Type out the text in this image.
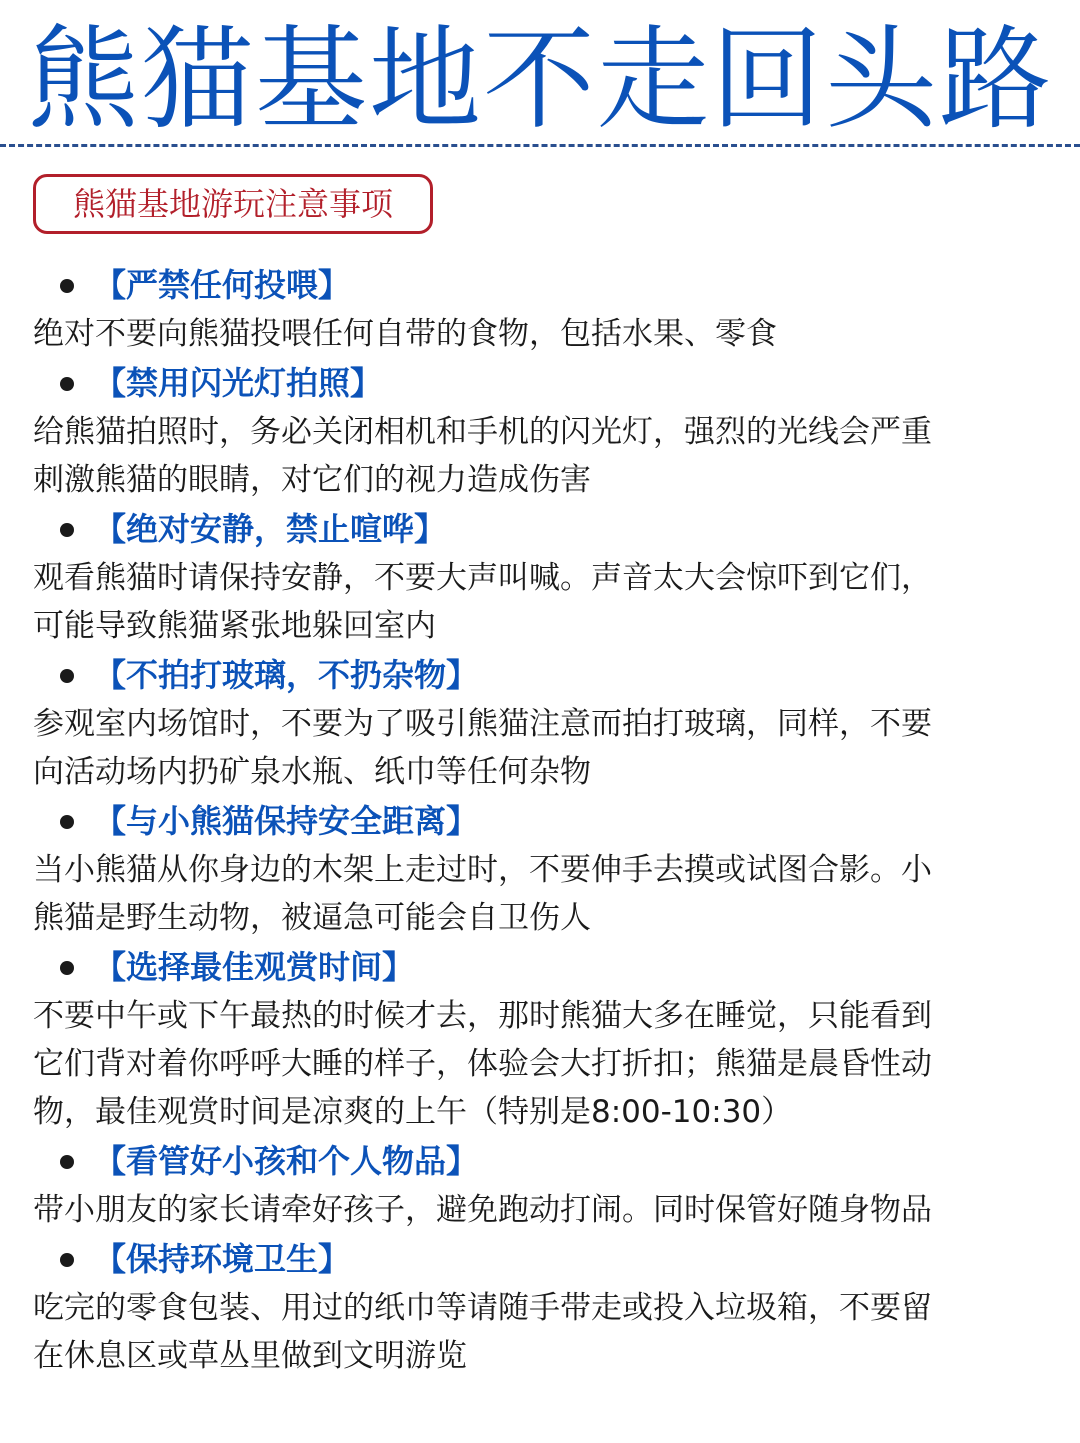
熊猫基地不走回头路
熊猫基地游玩注意事项
【严禁任何投喂】

绝对不要向熊猫投喂任何自带的食物，包括水果、零食

【禁用闪光灯拍照】

给熊猫拍照时，务必关闭相机和手机的闪光灯，强烈的光线会严重

刺激熊猫的眼睛，对它们的视力造成伤害

【绝对安静，禁止喧哗】

观看熊猫时请保持安静，不要大声叫喊。声音太大会惊吓到它们，

可能导致熊猫紧张地躲回室内

【不拍打玻璃，不扔杂物】

参观室内场馆时，不要为了吸引熊猫注意而拍打玻璃，同样，不要

向活动场内扔矿泉水瓶、纸巾等任何杂物

【与小熊猫保持安全距离】

当小熊猫从你身边的木架上走过时，不要伸手去摸或试图合影。小

熊猫是野生动物，被逼急可能会自卫伤人

【选择最佳观赏时间】

不要中午或下午最热的时候才去，那时熊猫大多在睡觉，只能看到

它们背对着你呼呼大睡的样子，体验会大打折扣；熊猫是晨昏性动

物，最佳观赏时间是凉爽的上午（特别是8:00-10:30）

【看管好小孩和个人物品】

带小朋友的家长请牵好孩子，避免跑动打闹。同时保管好随身物品

【保持环境卫生】

吃完的零食包装、用过的纸巾等请随手带走或投入垃圾箱，不要留

在休息区或草丛里做到文明游览
